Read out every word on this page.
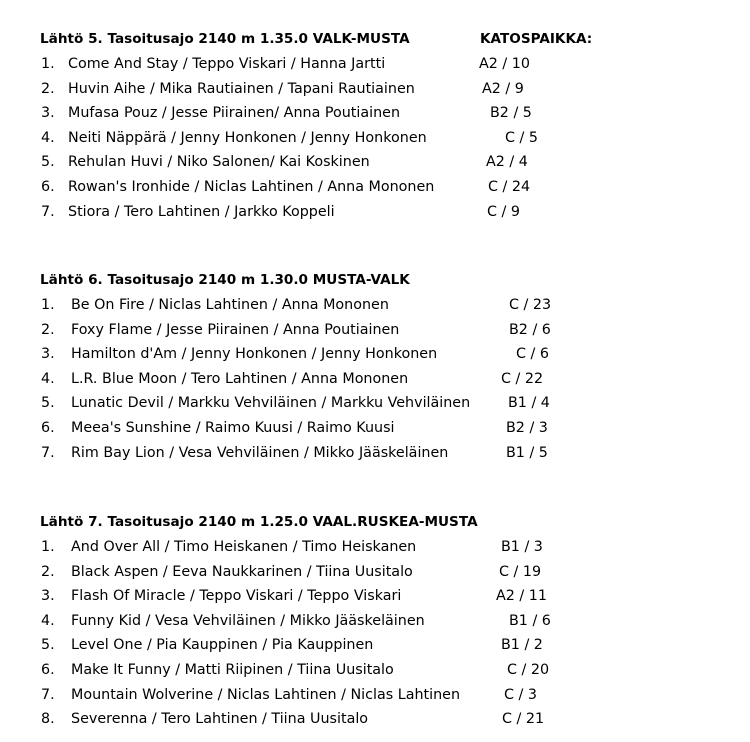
Lähtö 5. Tasoitusajo 2140 m 1.35.0 VALK-MUSTA	KATOSPAIKKA:
1. Come And Stay / Teppo Viskari / Hanna Jartti	A2 / 10
2. Huvin Aihe / Mika Rautiainen / Tapani Rautiainen	A2 / 9
3. Mufasa Pouz / Jesse Piirainen/ Anna Poutiainen	B2 / 5
4. Neiti Näppärä / Jenny Honkonen / Jenny Honkonen	C / 5
5. Rehulan Huvi / Niko Salonen/ Kai Koskinen	A2 / 4
6. Rowan's Ironhide / Niclas Lahtinen / Anna Mononen	C / 24
7. Stiora / Tero Lahtinen / Jarkko Koppeli	C / 9
Lähtö 6. Tasoitusajo 2140 m 1.30.0 MUSTA-VALK
1. Be On Fire / Niclas Lahtinen / Anna Mononen	C / 23
2. Foxy Flame / Jesse Piirainen / Anna Poutiainen	B2 / 6
3. Hamilton d'Am / Jenny Honkonen / Jenny Honkonen	C / 6
4. L.R. Blue Moon / Tero Lahtinen / Anna Mononen	C / 22
5. Lunatic Devil / Markku Vehviläinen / Markku Vehviläinen	B1 / 4
6. Meea's Sunshine / Raimo Kuusi / Raimo Kuusi	B2 / 3
7. Rim Bay Lion / Vesa Vehviläinen / Mikko Jääskeläinen	B1 / 5
Lähtö 7. Tasoitusajo 2140 m 1.25.0 VAAL.RUSKEA-MUSTA
1. And Over All / Timo Heiskanen / Timo Heiskanen	B1 / 3
2. Black Aspen / Eeva Naukkarinen / Tiina Uusitalo	C / 19
3. Flash Of Miracle / Teppo Viskari / Teppo Viskari	A2 / 11
4. Funny Kid / Vesa Vehviläinen / Mikko Jääskeläinen	B1 / 6
5. Level One / Pia Kauppinen / Pia Kauppinen	B1 / 2
6. Make It Funny / Matti Riipinen / Tiina Uusitalo	C / 20
7. Mountain Wolverine / Niclas Lahtinen / Niclas Lahtinen	C / 3
8. Severenna / Tero Lahtinen / Tiina Uusitalo	C / 21
